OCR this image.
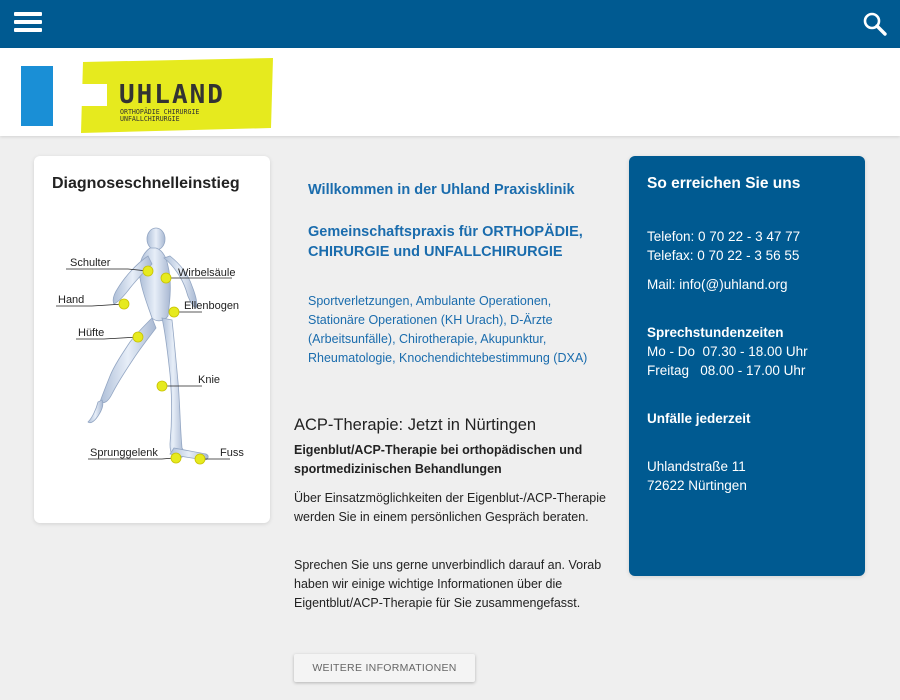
UHLAND
ORTHOPÄDIE CHIRURGIE
UNFALLCHIRURGIE
Diagnoseschnelleinstieg
Schulter
Wirbelsäule
Hand	Ellenbogen
Hüfte
Knie
Sprunggelenk	Fuss
Willkommen in der Uhland Praxisklinik
Gemeinschaftspraxis für ORTHOPÄDIE, CHIRURGIE und UNFALLCHIRURGIE
Sportverletzungen, Ambulante Operationen, Stationäre Operationen (KH Urach), D-Ärzte (Arbeitsunfälle), Chirotherapie, Akupunktur, Rheumatologie, Knochendichtebestimmung (DXA)
ACP-Therapie: Jetzt in Nürtingen
Eigenblut/ACP-Therapie bei orthopädischen und sportmedizinischen Behandlungen
Über Einsatzmöglichkeiten der Eigenblut-/ACP-Therapie werden Sie in einem persönlichen Gespräch beraten.
Sprechen Sie uns gerne unverbindlich darauf an. Vorab haben wir einige wichtige Informationen über die Eigentblut/ACP-Therapie für Sie zusammengefasst.
WEITERE INFORMATIONEN
So erreichen Sie uns
Telefon: 0 70 22 - 3 47 77
Telefax: 0 70 22 - 3 56 55
Mail: info(@)uhland.org
Sprechstundenzeiten
Mo - Do  07.30 - 18.00 Uhr
Freitag   08.00 - 17.00 Uhr
Unfälle jederzeit
Uhlandstraße 11
72622 Nürtingen
